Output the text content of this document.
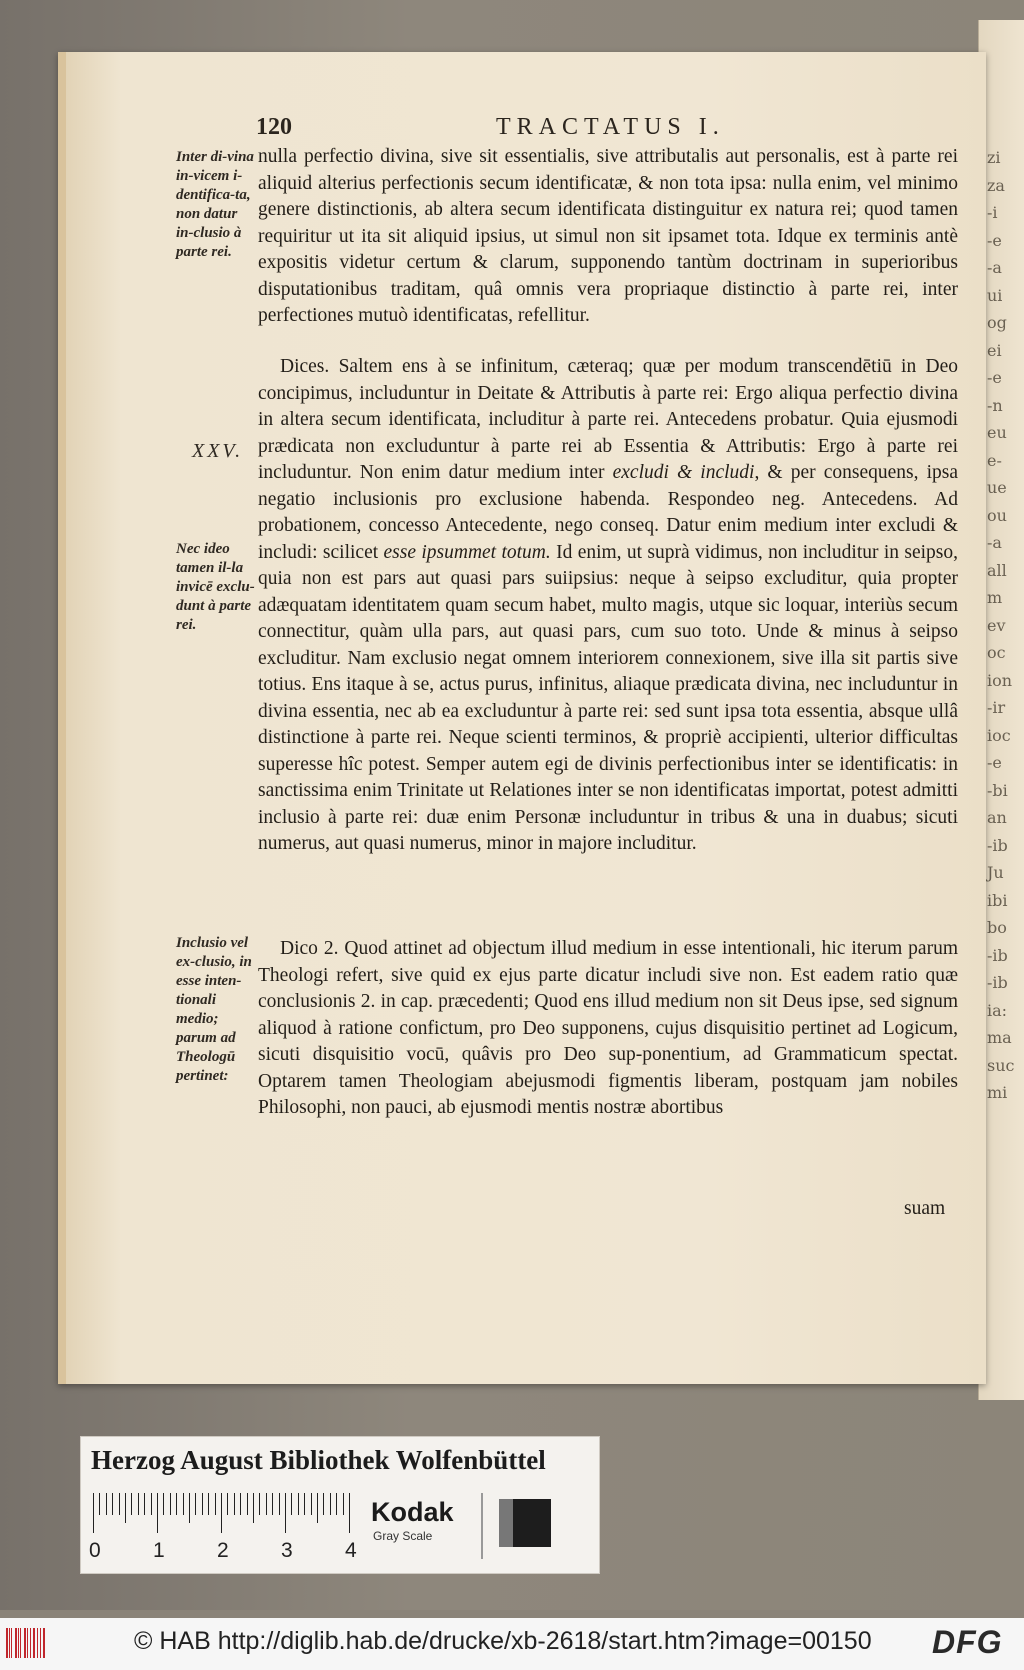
zi
za
-i
-e
-a
ui
og
ei
-e
-n
eu
e-
ue
ou
-a
all
m
ev
oc
ion
-ir
ioc
-e
-bi
an
-ib
Ju
ibi
bo
-ib
-ib
ia:
ma
suc
mi
120	TRACTATUS I.
Inter di-vina in-vicem i-dentifica-ta, non datur in-clusio à parte rei.
XXV.
Nec ideo tamen il-la invicē exclu-dunt à parte rei.
Inclusio vel ex-clusio, in esse inten-tionali medio; parum ad Theologū pertinet:

nulla perfectio divina, sive sit essentialis, sive attributalis aut personalis, est à parte rei aliquid alterius perfectionis secum identificatæ, & non tota ipsa: nulla enim, vel minimo genere distinctionis, ab altera secum identificata distinguitur ex natura rei; quod tamen requiritur ut ita sit aliquid ipsius, ut simul non sit ipsamet tota. Idque ex terminis antè expositis videtur certum & clarum, supponendo tantùm doctrinam in superioribus disputationibus traditam, quâ omnis vera propriaque distinctio à parte rei, inter perfectiones mutuò identificatas, refellitur.

Dices. Saltem ens à se infinitum, cæteraq; quæ per modum transcendētiū in Deo concipimus, includuntur in Deitate & Attributis à parte rei: Ergo aliqua perfectio divina in altera secum identificata, includitur à parte rei. Antecedens probatur. Quia ejusmodi prædicata non excluduntur à parte rei ab Essentia & Attributis: Ergo à parte rei includuntur. Non enim datur medium inter excludi & includi, & per consequens, ipsa negatio inclusionis pro exclusione habenda. Respondeo neg. Antecedens. Ad probationem, concesso Antecedente, nego conseq. Datur enim medium inter excludi & includi: scilicet esse ipsummet totum. Id enim, ut suprà vidimus, non includitur in seipso, quia non est pars aut quasi pars suiipsius: neque à seipso excluditur, quia propter adæquatam identitatem quam secum habet, multo magis, utque sic loquar, interiùs secum connectitur, quàm ulla pars, aut quasi pars, cum suo toto. Unde & minus à seipso excluditur. Nam exclusio negat omnem interiorem connexionem, sive illa sit partis sive totius. Ens itaque à se, actus purus, infinitus, aliaque prædicata divina, nec includuntur in divina essentia, nec ab ea excluduntur à parte rei: sed sunt ipsa tota essentia, absque ullâ distinctione à parte rei. Neque scienti terminos, & propriè accipienti, ulterior difficultas superesse hîc potest. Semper autem egi de divinis perfectionibus inter se identificatis: in sanctissima enim Trinitate ut Relationes inter se non identificatas importat, potest admitti inclusio à parte rei: duæ enim Personæ includuntur in tribus & una in duabus; sicuti numerus, aut quasi numerus, minor in majore includitur.

Dico 2. Quod attinet ad objectum illud medium in esse intentionali, hic iterum parum Theologi refert, sive quid ex ejus parte dicatur includi sive non. Est eadem ratio quæ conclusionis 2. in cap. præcedenti; Quod ens illud medium non sit Deus ipse, sed signum aliquod à ratione confictum, pro Deo supponens, cujus disquisitio pertinet ad Logicum, sicuti disquisitio vocū, quâvis pro Deo sup-ponentium, ad Grammaticum spectat. Optarem tamen Theologiam abejusmodi figmentis liberam, postquam jam nobiles Philosophi, non pauci, ab ejusmodi mentis nostræ abortibus

suam
Herzog August Bibliothek Wolfenbüttel
0 1 2 3 4
Kodak
Gray Scale
© HAB http://diglib.hab.de/drucke/xb-2618/start.htm?image=00150 DFG
